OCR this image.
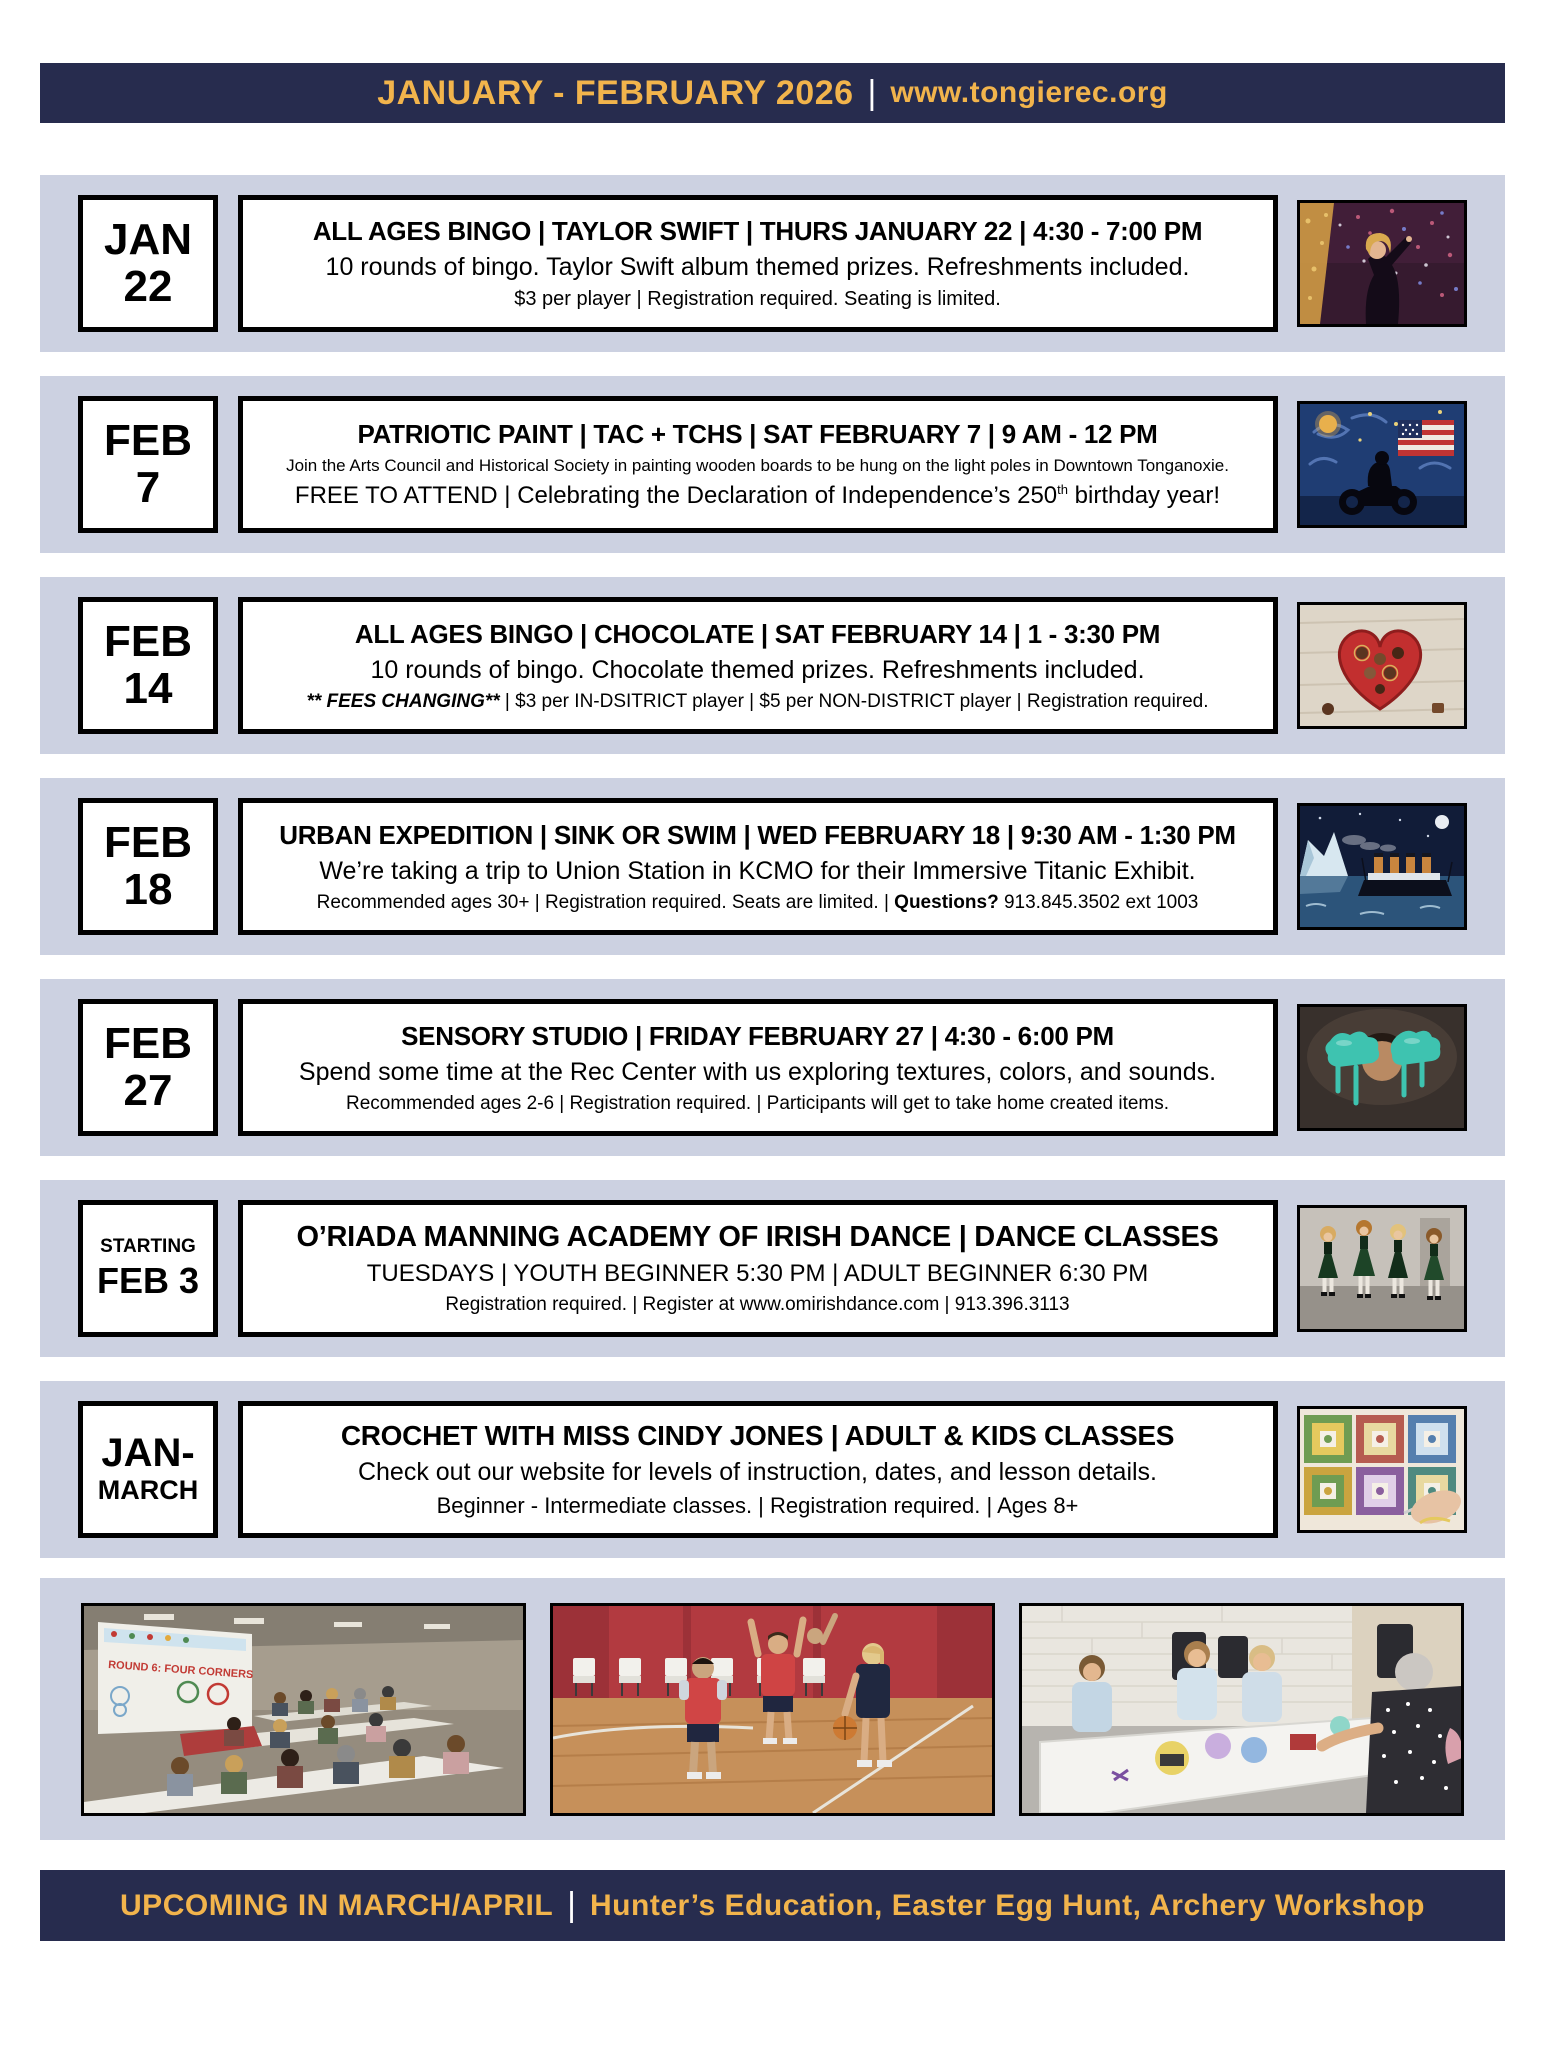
JANUARY - FEBRUARY 2026 | www.tongierec.org
JAN
22
ALL AGES BINGO | TAYLOR SWIFT | THURS JANUARY 22 | 4:30 - 7:00 PM
10 rounds of bingo. Taylor Swift album themed prizes. Refreshments included.
$3 per player | Registration required. Seating is limited.
FEB
7
PATRIOTIC PAINT | TAC + TCHS | SAT FEBRUARY 7 | 9 AM - 12 PM
Join the Arts Council and Historical Society in painting wooden boards to be hung on the light poles in Downtown Tonganoxie.
FREE TO ATTEND | Celebrating the Declaration of Independence’s 250th birthday year!
FEB
14
ALL AGES BINGO | CHOCOLATE | SAT FEBRUARY 14 | 1 - 3:30 PM
10 rounds of bingo. Chocolate themed prizes. Refreshments included.
** FEES CHANGING** | $3 per IN-DSITRICT player | $5 per NON-DISTRICT player | Registration required.
FEB
18
URBAN EXPEDITION | SINK OR SWIM | WED FEBRUARY 18 | 9:30 AM - 1:30 PM
We’re taking a trip to Union Station in KCMO for their Immersive Titanic Exhibit.
Recommended ages 30+ | Registration required. Seats are limited. | Questions? 913.845.3502 ext 1003
FEB
27
SENSORY STUDIO | FRIDAY FEBRUARY 27 | 4:30 - 6:00 PM
Spend some time at the Rec Center with us exploring textures, colors, and sounds.
Recommended ages 2-6 | Registration required. | Participants will get to take home created items.
STARTING
FEB 3
O’RIADA MANNING ACADEMY OF IRISH DANCE | DANCE CLASSES
TUESDAYS | YOUTH BEGINNER 5:30 PM | ADULT BEGINNER 6:30 PM
Registration required. | Register at www.omirishdance.com | 913.396.3113
JAN-
MARCH
CROCHET WITH MISS CINDY JONES | ADULT & KIDS CLASSES
Check out our website for levels of instruction, dates, and lesson details.
Beginner - Intermediate classes. | Registration required. | Ages 8+
ROUND 6: FOUR CORNERS
UPCOMING IN MARCH/APRIL | Hunter’s Education, Easter Egg Hunt, Archery Workshop
